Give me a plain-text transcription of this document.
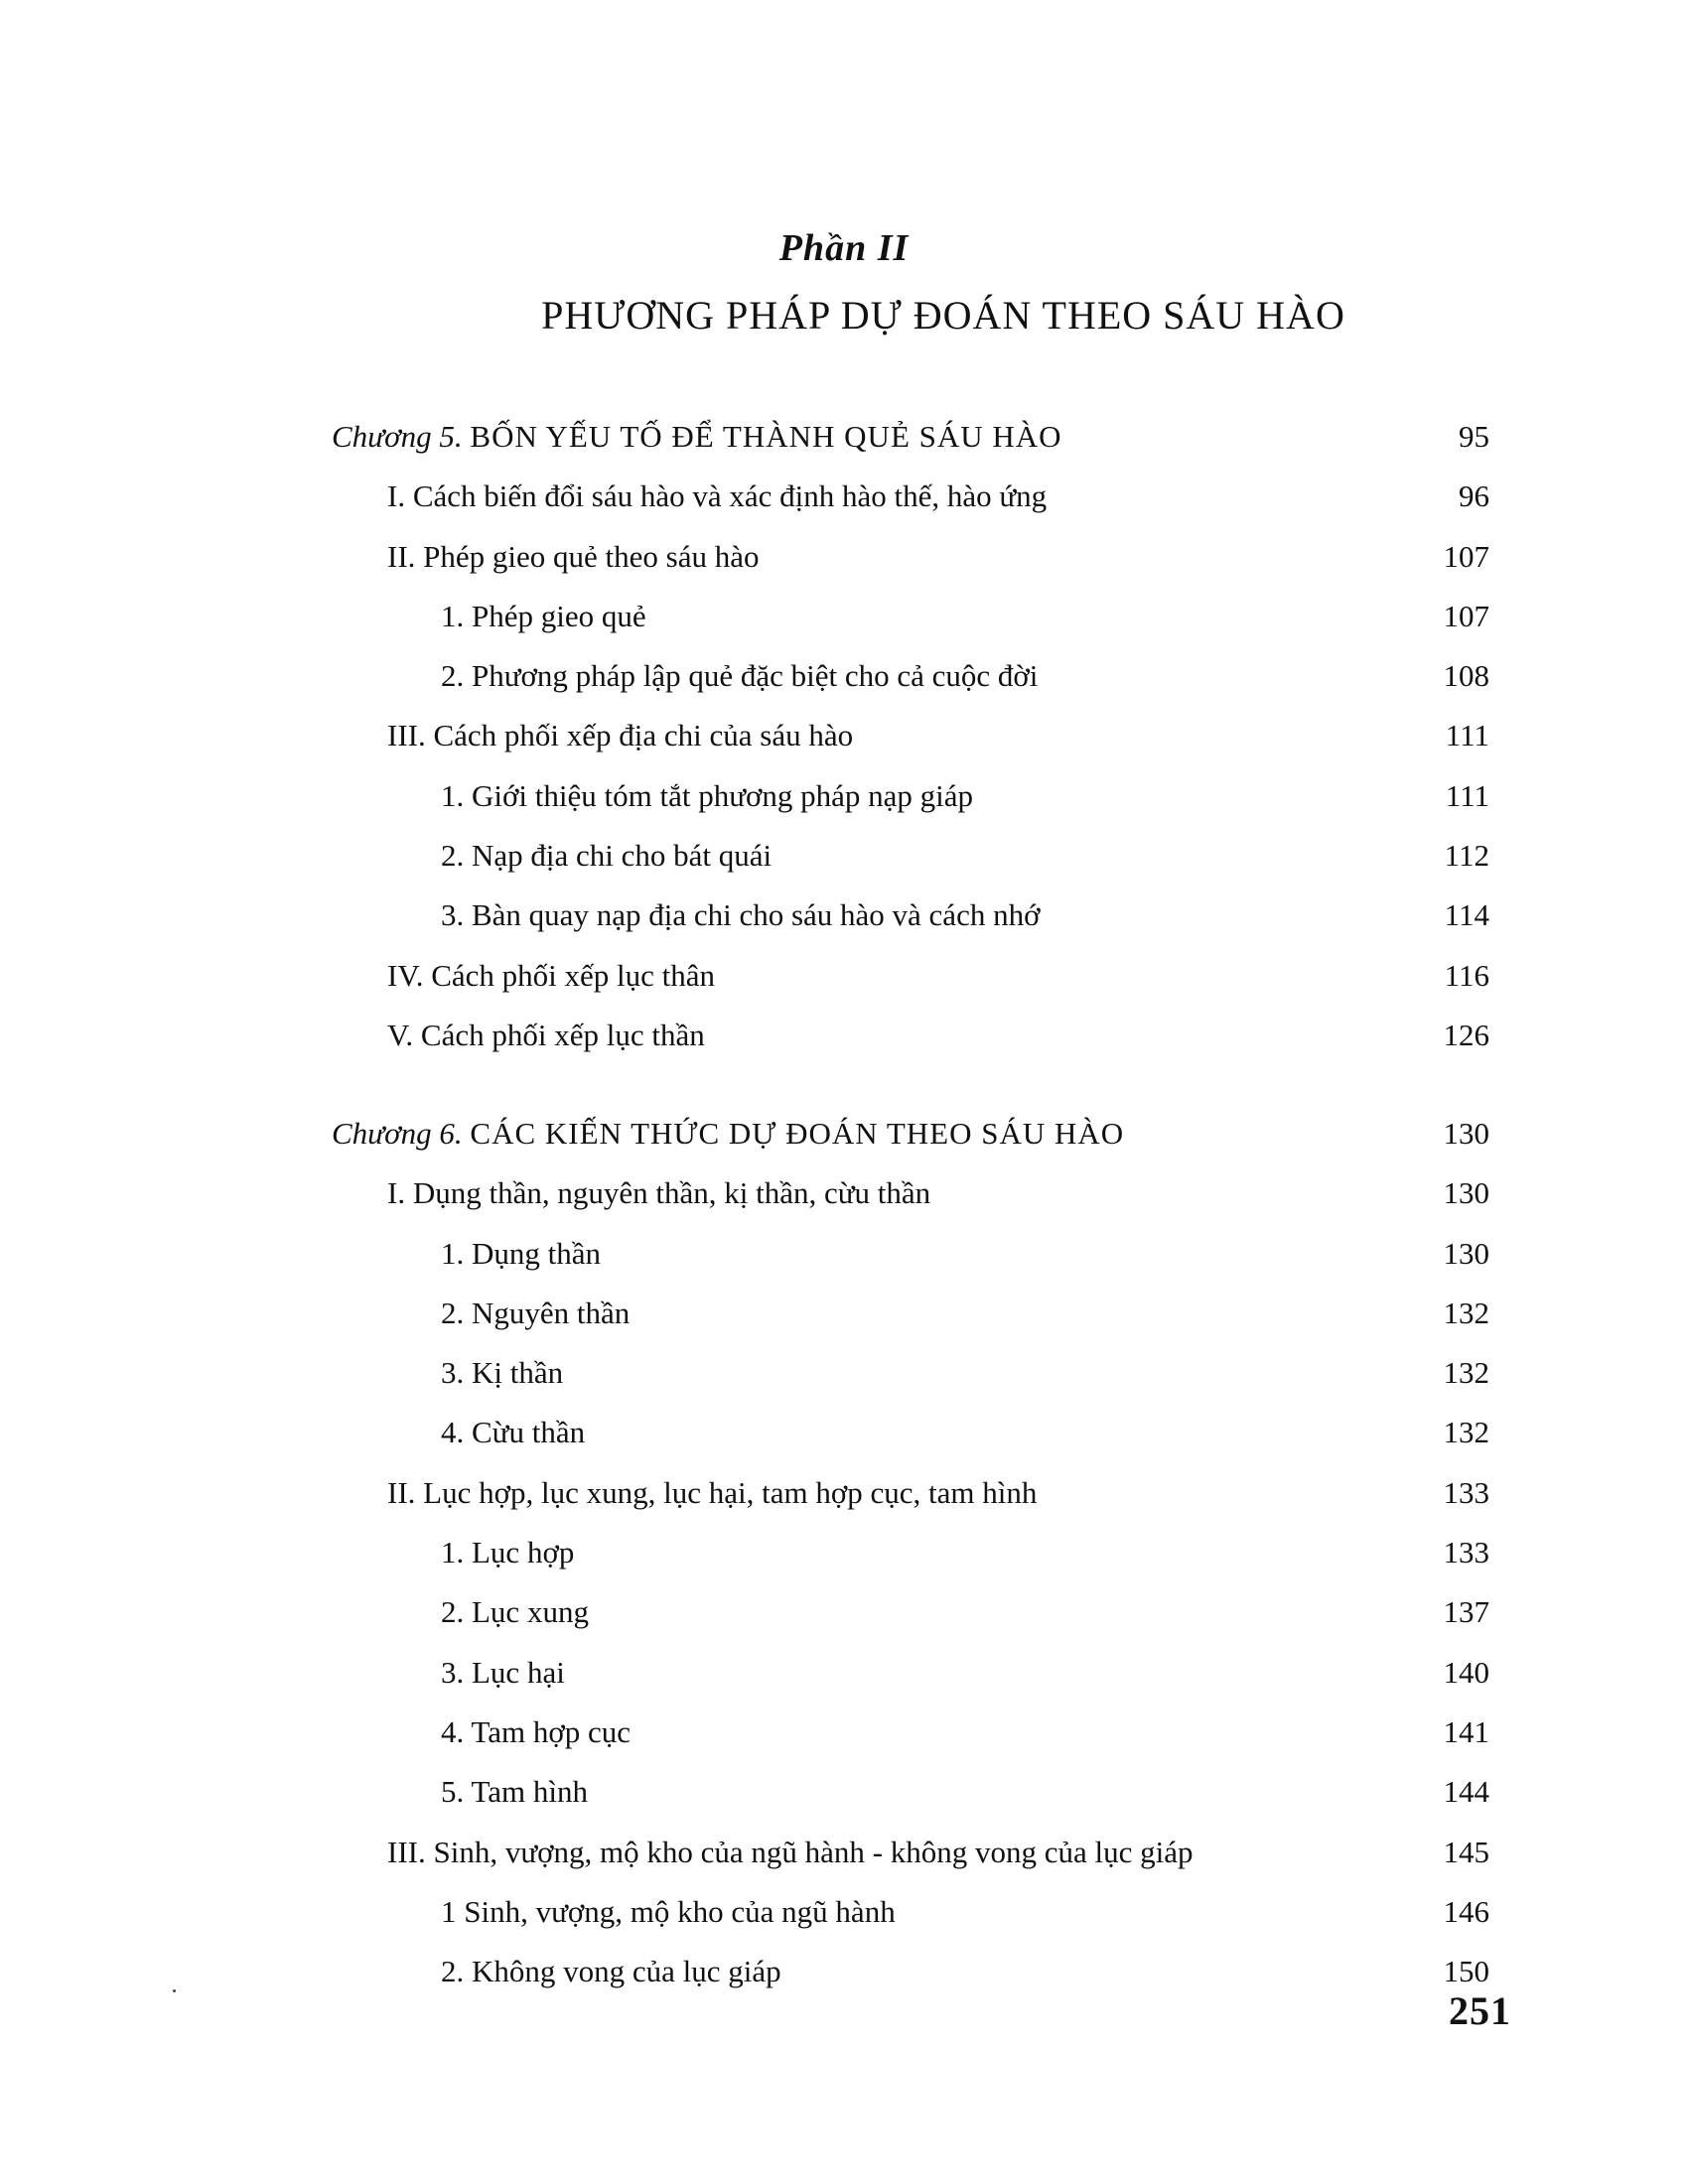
Phần II
PHƯƠNG PHÁP DỰ ĐOÁN THEO SÁU HÀO
Chương 5. BỐN YẾU TỐ ĐỂ THÀNH QUẺ SÁU HÀO	95
I. Cách biến đổi sáu hào và xác định hào thế, hào ứng	96
II. Phép gieo quẻ theo sáu hào	107
1. Phép gieo quẻ	107
2. Phương pháp lập quẻ đặc biệt cho cả cuộc đời	108
III. Cách phối xếp địa chi của sáu hào	111
1. Giới thiệu tóm tắt phương pháp nạp giáp	111
2. Nạp địa chi cho bát quái	112
3. Bàn quay nạp địa chi cho sáu hào và cách nhớ	114
IV. Cách phối xếp lục thân	116
V. Cách phối xếp lục thần	126
Chương 6. CÁC KIẾN THỨC DỰ ĐOÁN THEO SÁU HÀO	130
I. Dụng thần, nguyên thần, kị thần, cừu thần	130
1. Dụng thần	130
2. Nguyên thần	132
3. Kị thần	132
4. Cừu thần	132
II. Lục hợp, lục xung, lục hại, tam hợp cục, tam hình	133
1. Lục hợp	133
2. Lục xung	137
3. Lục hại	140
4. Tam hợp cục	141
5. Tam hình	144
III. Sinh, vượng, mộ kho của ngũ hành - không vong của lục giáp	145
1 Sinh, vượng, mộ kho của ngũ hành	146
2. Không vong của lục giáp	150
251
